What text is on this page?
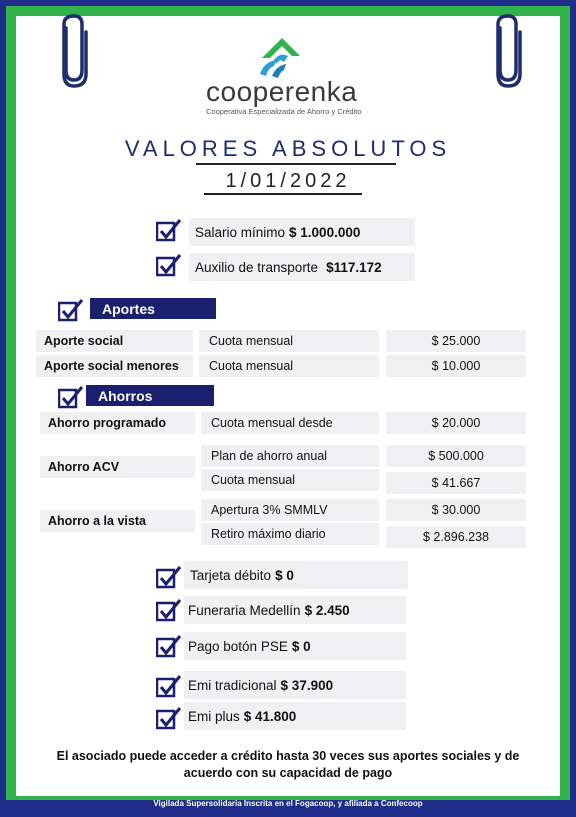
cooperenka
Cooperativa Especializada de Ahorro y Crédito
VALORES ABSOLUTOS
1/01/2022
Salario mínimo $ 1.000.000
Auxilio de transporte $117.172
Aportes
Aporte social	Cuota mensual	$ 25.000
Aporte social menores	Cuota mensual	$ 10.000
Ahorros
Ahorro programado	Cuota mensual desde	$ 20.000
Ahorro ACV
Plan de ahorro anual	$ 500.000
Cuota mensual	$ 41.667
Ahorro a la vista
Apertura 3% SMMLV	$ 30.000
Retiro máximo diario	$ 2.896.238
Tarjeta débito $ 0
Funeraria Medellín $ 2.450
Pago botón PSE $ 0
Emi tradicional $ 37.900
Emi plus $ 41.800
El asociado puede acceder a crédito hasta 30 veces sus aportes sociales y de acuerdo con su capacidad de pago
Vigilada Supersolidaria Inscrita en el Fogacoop, y afiliada a Confecoop
